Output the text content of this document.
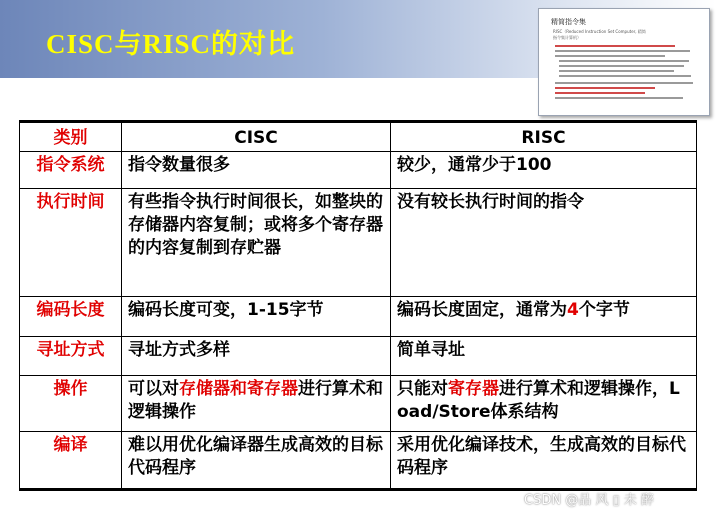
CISC与RISC的对比
精简指令集
RISC（Reduced Instruction Set Computer, 精简
指令集计算机）
类别	CISC	RISC
指令系统	指令数量很多	较少，通常少于100
执行时间	有些指令执行时间很长，如整块的存储器内容复制；或将多个寄存器的内容复制到存贮器	没有较长执行时间的指令
编码长度	编码长度可变，1-15字节	编码长度固定，通常为4个字节
寻址方式	寻址方式多样	简单寻址
操作	可以对存储器和寄存器进行算术和逻辑操作	只能对寄存器进行算术和逻辑操作，Load/Store体系结构
编译	难以用优化编译器生成高效的目标代码程序	采用优化编译技术，生成高效的目标代码程序
CSDN @品 风 ▯ 未 醉
